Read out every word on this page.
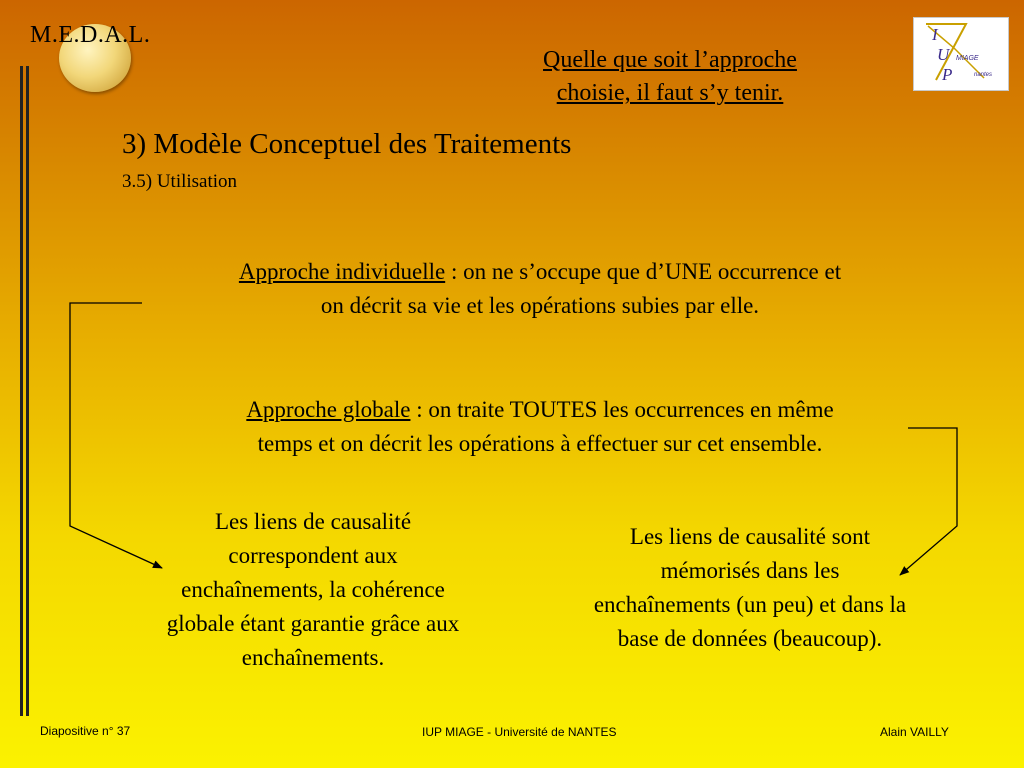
M.E.D.A.L.
Quelle que soit l’approche
choisie, il faut s’y tenir.
I
U
P
MIAGE
nantes
3) Modèle Conceptuel des Traitements
3.5) Utilisation
Approche individuelle : on ne s’occupe que d’UNE occurrence et
on décrit sa vie et les opérations subies par elle.
Approche globale : on traite TOUTES les occurrences en même
temps et on décrit les opérations à effectuer sur cet ensemble.
Les liens de causalité
correspondent aux
enchaînements, la cohérence
globale étant garantie grâce aux
enchaînements.
Les liens de causalité sont
mémorisés dans les
enchaînements (un peu) et dans la
base de données (beaucoup).
Diapositive n° 37	IUP MIAGE - Université de NANTES	Alain VAILLY
